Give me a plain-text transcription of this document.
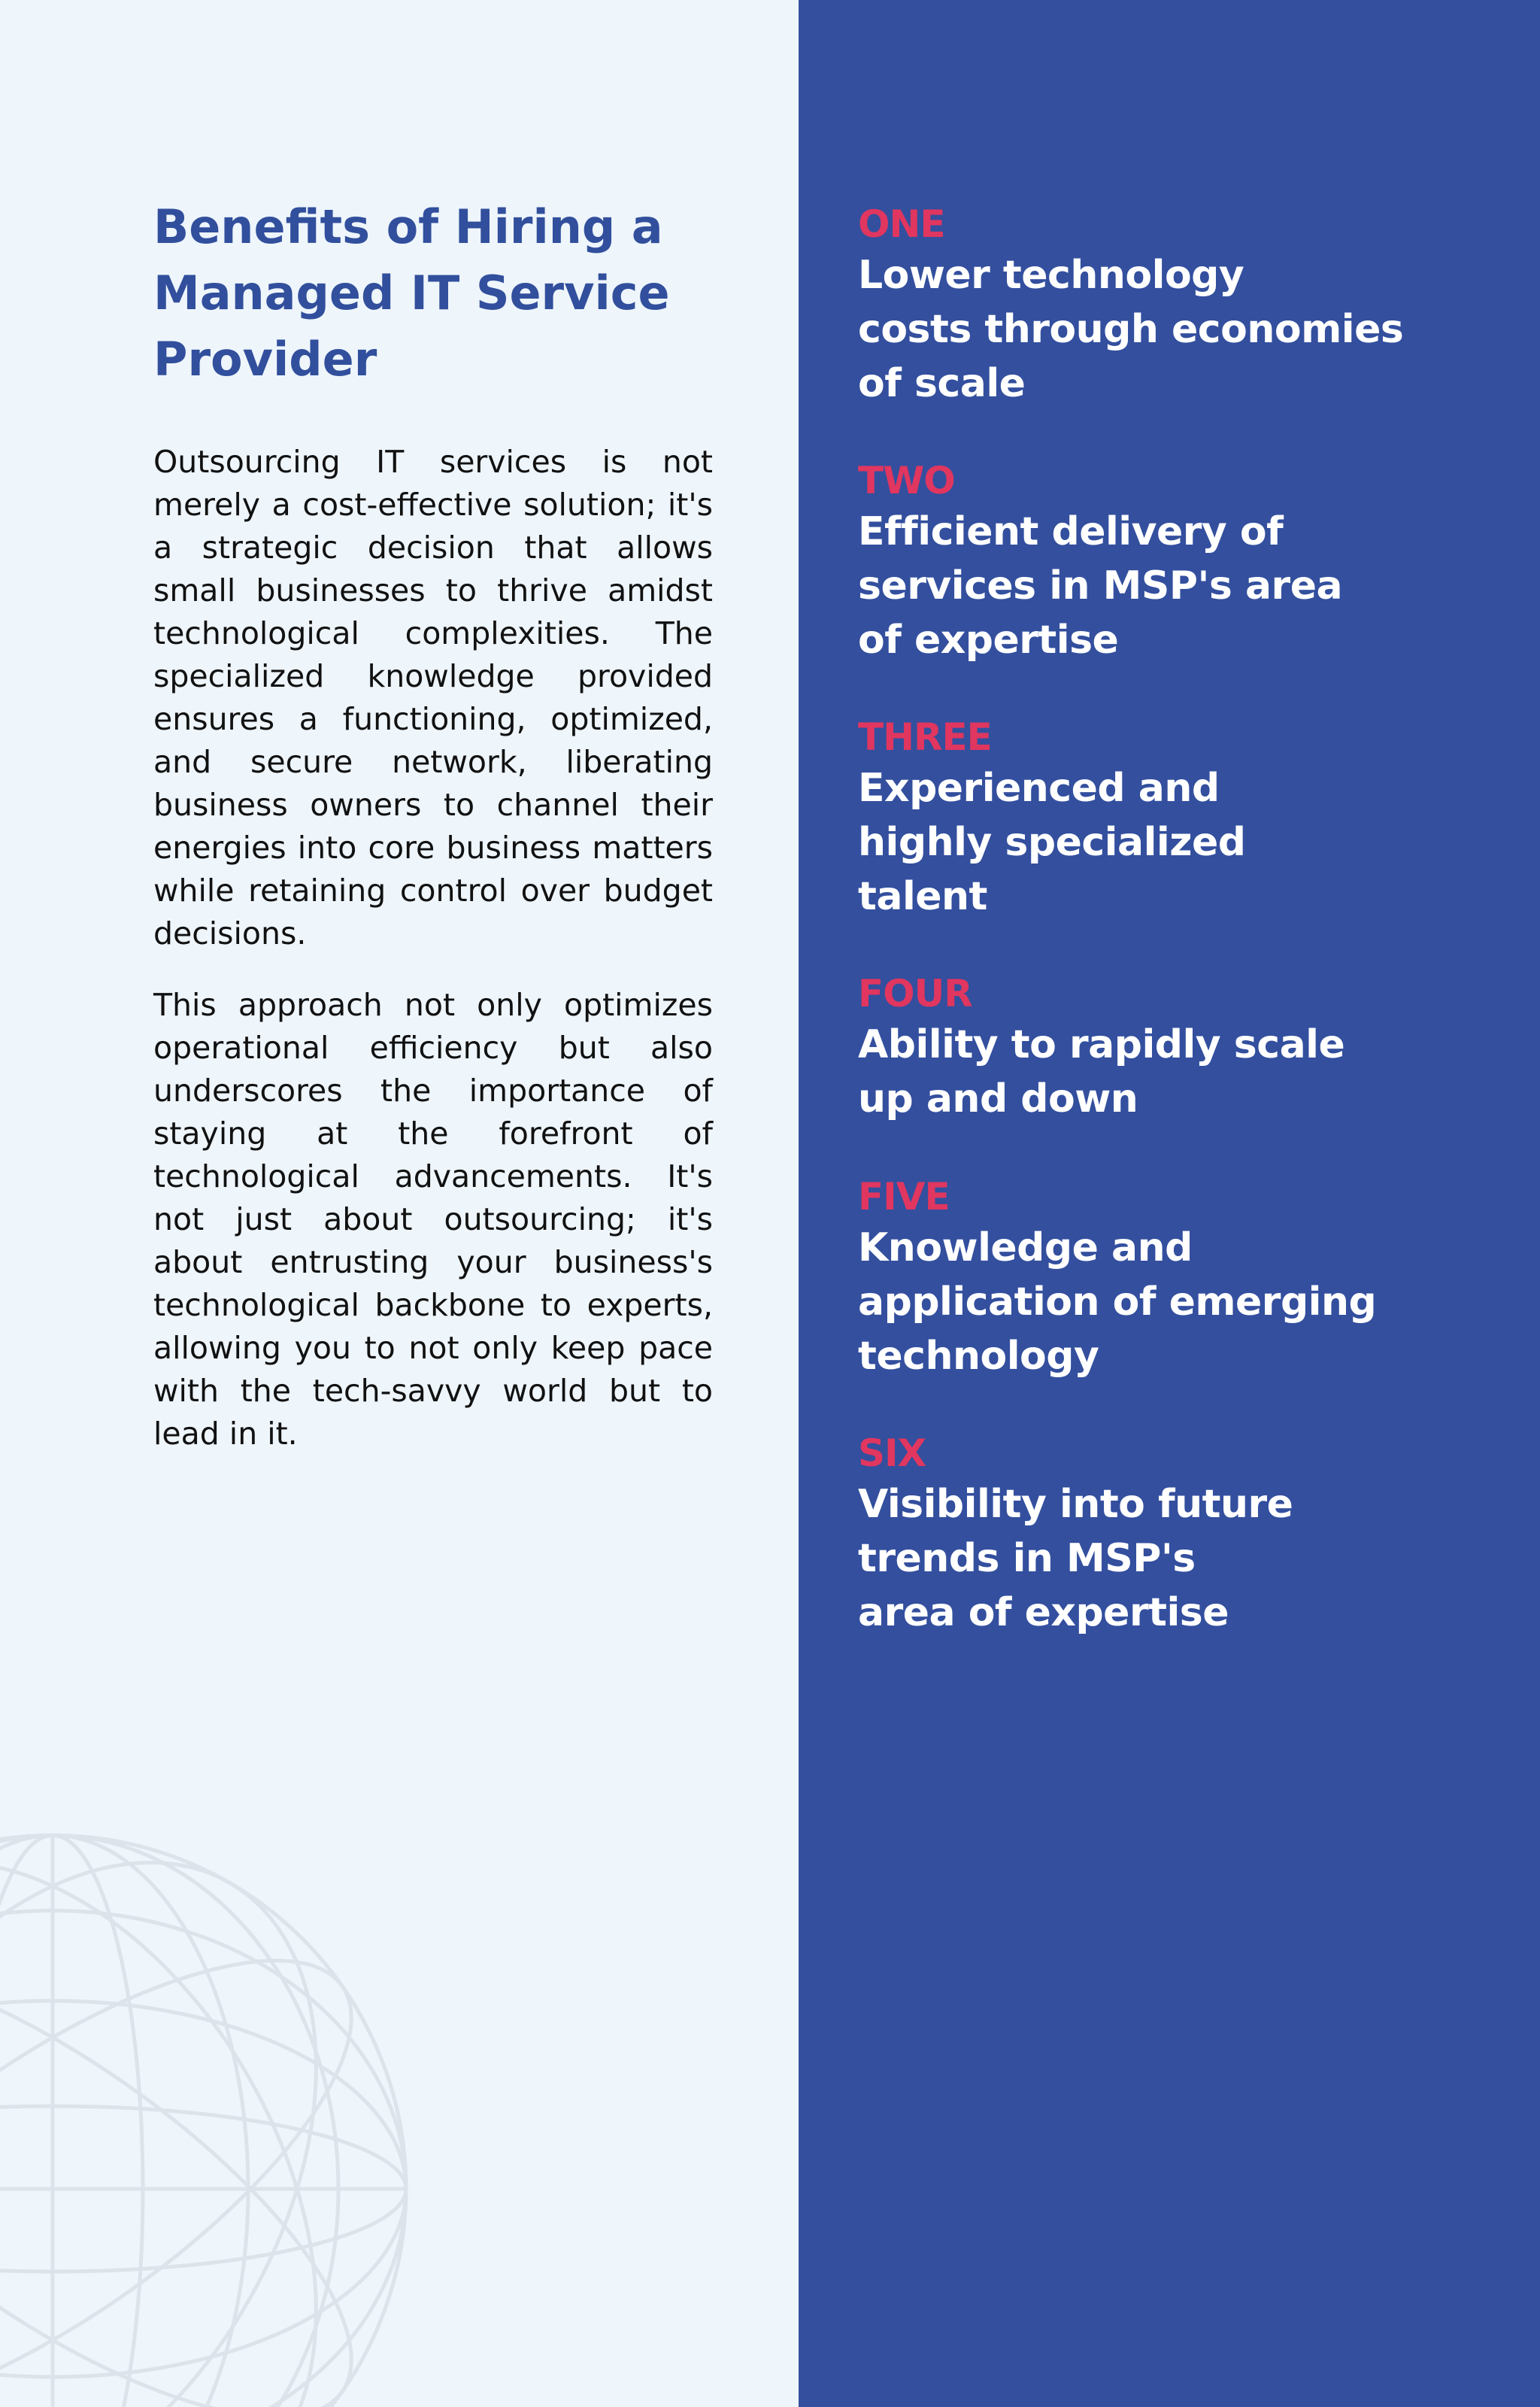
Benefits of Hiring a Managed IT Service Provider

Outsourcing IT services is not merely a cost-effective solution; it's a strategic decision that allows small businesses to thrive amidst technological complexities. The specialized knowledge provided ensures a functioning, optimized, and secure network, liberating business owners to channel their energies into core business matters while retaining control over budget decisions.

This approach not only optimizes operational efficiency but also underscores the importance of staying at the forefront of technological advancements. It's not just about outsourcing; it's about entrusting your business's technological backbone to experts, allowing you to not only keep pace with the tech-savvy world but to lead in it.

ONE
Lower technology
costs through economies
of scale
TWO
Efficient delivery of
services in MSP's area
of expertise
THREE
Experienced and
highly specialized
talent
FOUR
Ability to rapidly scale
up and down
FIVE
Knowledge and
application of emerging
technology
SIX
Visibility into future
trends in MSP's
area of expertise
